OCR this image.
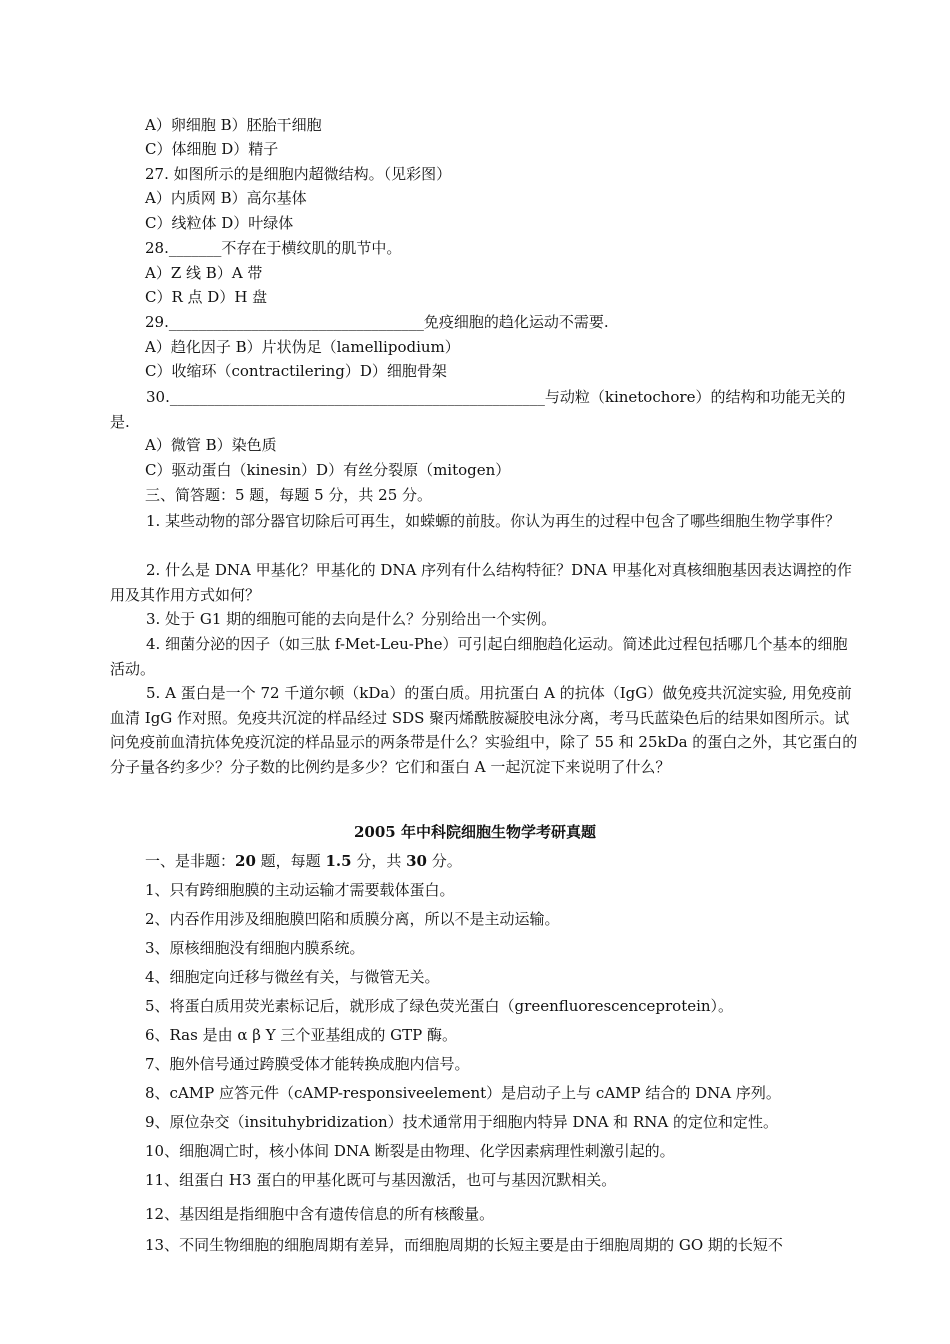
A）卵细胞 B）胚胎干细胞
C）体细胞 D）精子
27. 如图所示的是细胞内超微结构。（见彩图）
A）内质网 B）高尔基体
C）线粒体 D）叶绿体
28._______不存在于横纹肌的肌节中。
A）Z 线 B）A 带
C）R 点 D）H 盘
29.__________________________________免疫细胞的趋化运动不需要.
A）趋化因子 B）片状伪足（lamellipodium）
C）收缩环（contractilering）D）细胞骨架
30.__________________________________________________与动粒（kinetochore）的结构和功能无关的是.
A）微管 B）染色质
C）驱动蛋白（kinesin）D）有丝分裂原（mitogen）
三、简答题：5 题，每题 5 分，共 25 分。
1. 某些动物的部分器官切除后可再生，如蝾螈的前肢。你认为再生的过程中包含了哪些细胞生物学事件？
2. 什么是 DNA 甲基化？甲基化的 DNA 序列有什么结构特征？DNA 甲基化对真核细胞基因表达调控的作用及其作用方式如何？
3. 处于 G1 期的细胞可能的去向是什么？分别给出一个实例。
4. 细菌分泌的因子（如三肽 f-Met-Leu-Phe）可引起白细胞趋化运动。简述此过程包括哪几个基本的细胞活动。
5. A 蛋白是一个 72 千道尔顿（kDa）的蛋白质。用抗蛋白 A 的抗体（IgG）做免疫共沉淀实验, 用免疫前血清 IgG 作对照。免疫共沉淀的样品经过 SDS 聚丙烯酰胺凝胶电泳分离，考马氏蓝染色后的结果如图所示。试问免疫前血清抗体免疫沉淀的样品显示的两条带是什么？实验组中，除了 55 和 25kDa 的蛋白之外，其它蛋白的分子量各约多少？分子数的比例约是多少？它们和蛋白 A 一起沉淀下来说明了什么？
2005 年中科院细胞生物学考研真题
一、是非题：20 题，每题 1.5 分，共 30 分。
1、只有跨细胞膜的主动运输才需要载体蛋白。
2、内吞作用涉及细胞膜凹陷和质膜分离，所以不是主动运输。
3、原核细胞没有细胞内膜系统。
4、细胞定向迁移与微丝有关，与微管无关。
5、将蛋白质用荧光素标记后，就形成了绿色荧光蛋白（greenfluorescenceprotein）。
6、Ras 是由 α β Y 三个亚基组成的 GTP 酶。
7、胞外信号通过跨膜受体才能转换成胞内信号。
8、cAMP 应答元件（cAMP-responsiveelement）是启动子上与 cAMP 结合的 DNA 序列。
9、原位杂交（insituhybridization）技术通常用于细胞内特异 DNA 和 RNA 的定位和定性。
10、细胞凋亡时，核小体间 DNA 断裂是由物理、化学因素病理性刺激引起的。
11、组蛋白 H3 蛋白的甲基化既可与基因激活，也可与基因沉默相关。
12、基因组是指细胞中含有遗传信息的所有核酸量。
13、不同生物细胞的细胞周期有差异，而细胞周期的长短主要是由于细胞周期的 GO 期的长短不
